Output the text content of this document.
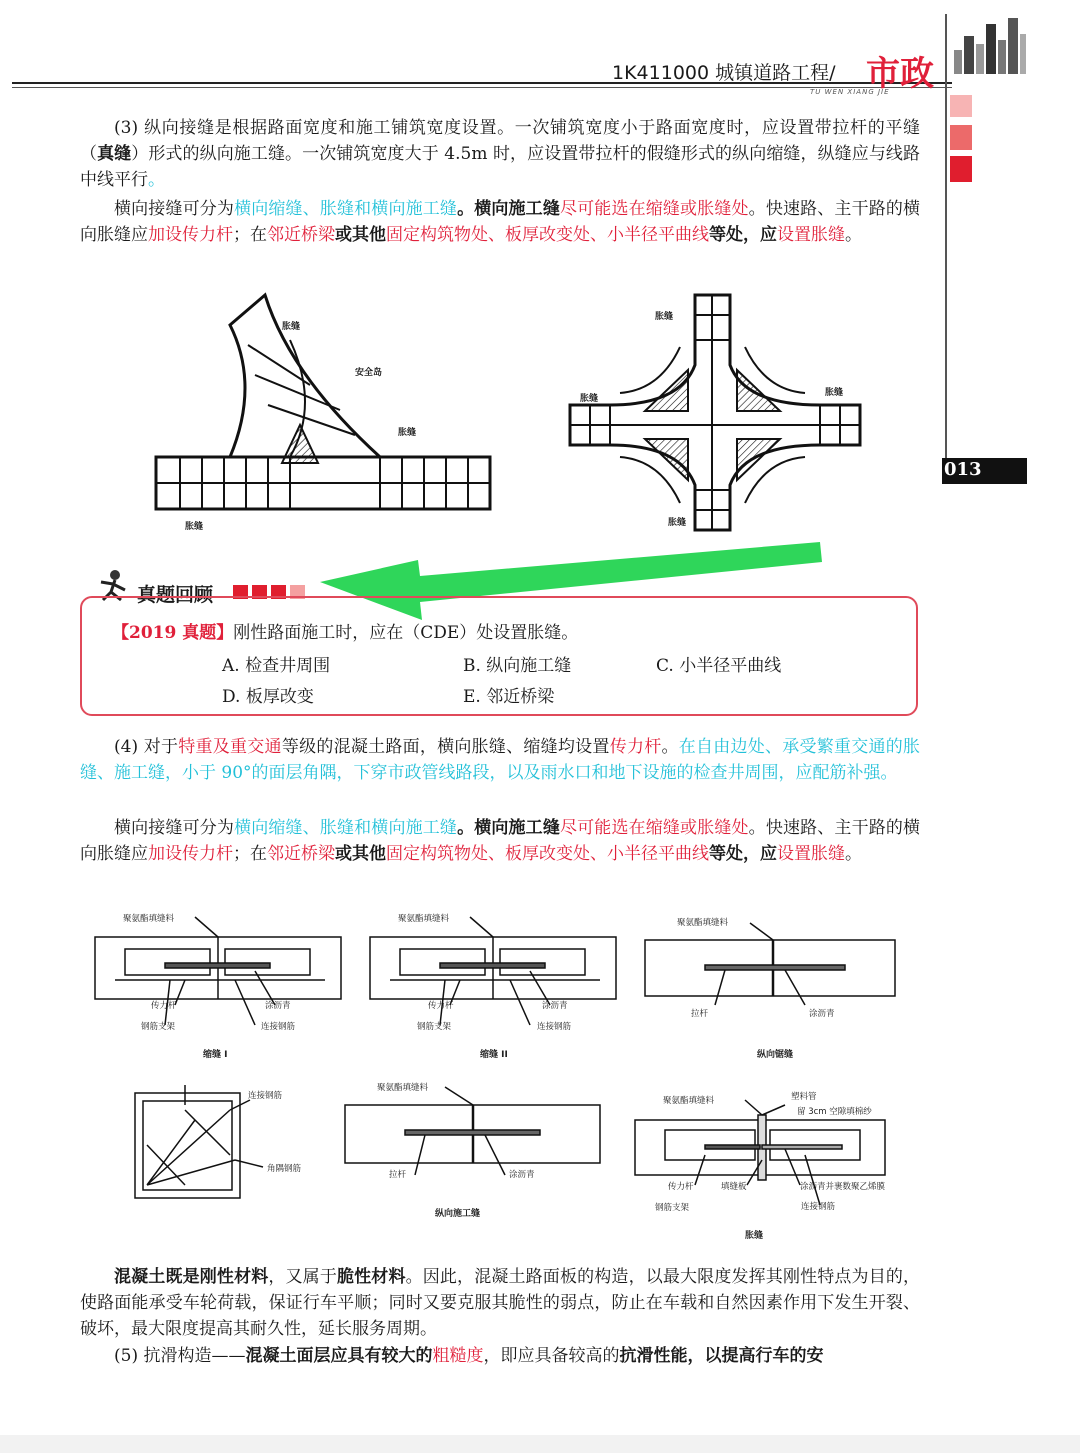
1K411000 城镇道路工程/ 市政
TU WEN XIANG JIE
013
(3) 纵向接缝是根据路面宽度和施工铺筑宽度设置。一次铺筑宽度小于路面宽度时，应设置带拉杆的平缝（真缝）形式的纵向施工缝。一次铺筑宽度大于 4.5m 时，应设置带拉杆的假缝形式的纵向缩缝，纵缝应与线路中线平行。
横向接缝可分为横向缩缝、胀缝和横向施工缝。横向施工缝尽可能选在缩缝或胀缝处。快速路、主干路的横向胀缝应加设传力杆；在邻近桥梁或其他固定构筑物处、板厚改变处、小半径平曲线等处，应设置胀缝。
胀缝
安全岛
胀缝
胀缝
胀缝
胀缝
胀缝
胀缝
真题回顾
【2019 真题】刚性路面施工时，应在（CDE）处设置胀缝。
A. 检查井周围	B. 纵向施工缝	C. 小半径平曲线
D. 板厚改变	E. 邻近桥梁
(4) 对于特重及重交通等级的混凝土路面，横向胀缝、缩缝均设置传力杆。在自由边处、承受繁重交通的胀缝、施工缝，小于 90°的面层角隅，下穿市政管线路段，以及雨水口和地下设施的检查井周围，应配筋补强。
横向接缝可分为横向缩缝、胀缝和横向施工缝。横向施工缝尽可能选在缩缝或胀缝处。快速路、主干路的横向胀缝应加设传力杆；在邻近桥梁或其他固定构筑物处、板厚改变处、小半径平曲线等处，应设置胀缝。
聚氨酯填缝料
传力杆	涂沥青
钢筋支架	连接钢筋
缩缝 I
聚氨酯填缝料
传力杆	涂沥青
钢筋支架	连接钢筋
缩缝 II
聚氨酯填缝料
拉杆	涂沥青
纵向锯缝
连接钢筋
角隅钢筋
聚氨酯填缝料
拉杆	涂沥青
纵向施工缝
塑料管
留 3cm 空隙填棉纱
聚氨酯填缝料
传力杆	填缝板	涂沥青并裹数聚乙烯膜
钢筋支架	连接钢筋
胀缝
混凝土既是刚性材料，又属于脆性材料。因此，混凝土路面板的构造，以最大限度发挥其刚性特点为目的，使路面能承受车轮荷载，保证行车平顺；同时又要克服其脆性的弱点，防止在车载和自然因素作用下发生开裂、破坏，最大限度提高其耐久性，延长服务周期。
(5) 抗滑构造——混凝土面层应具有较大的粗糙度，即应具备较高的抗滑性能，以提高行车的安
